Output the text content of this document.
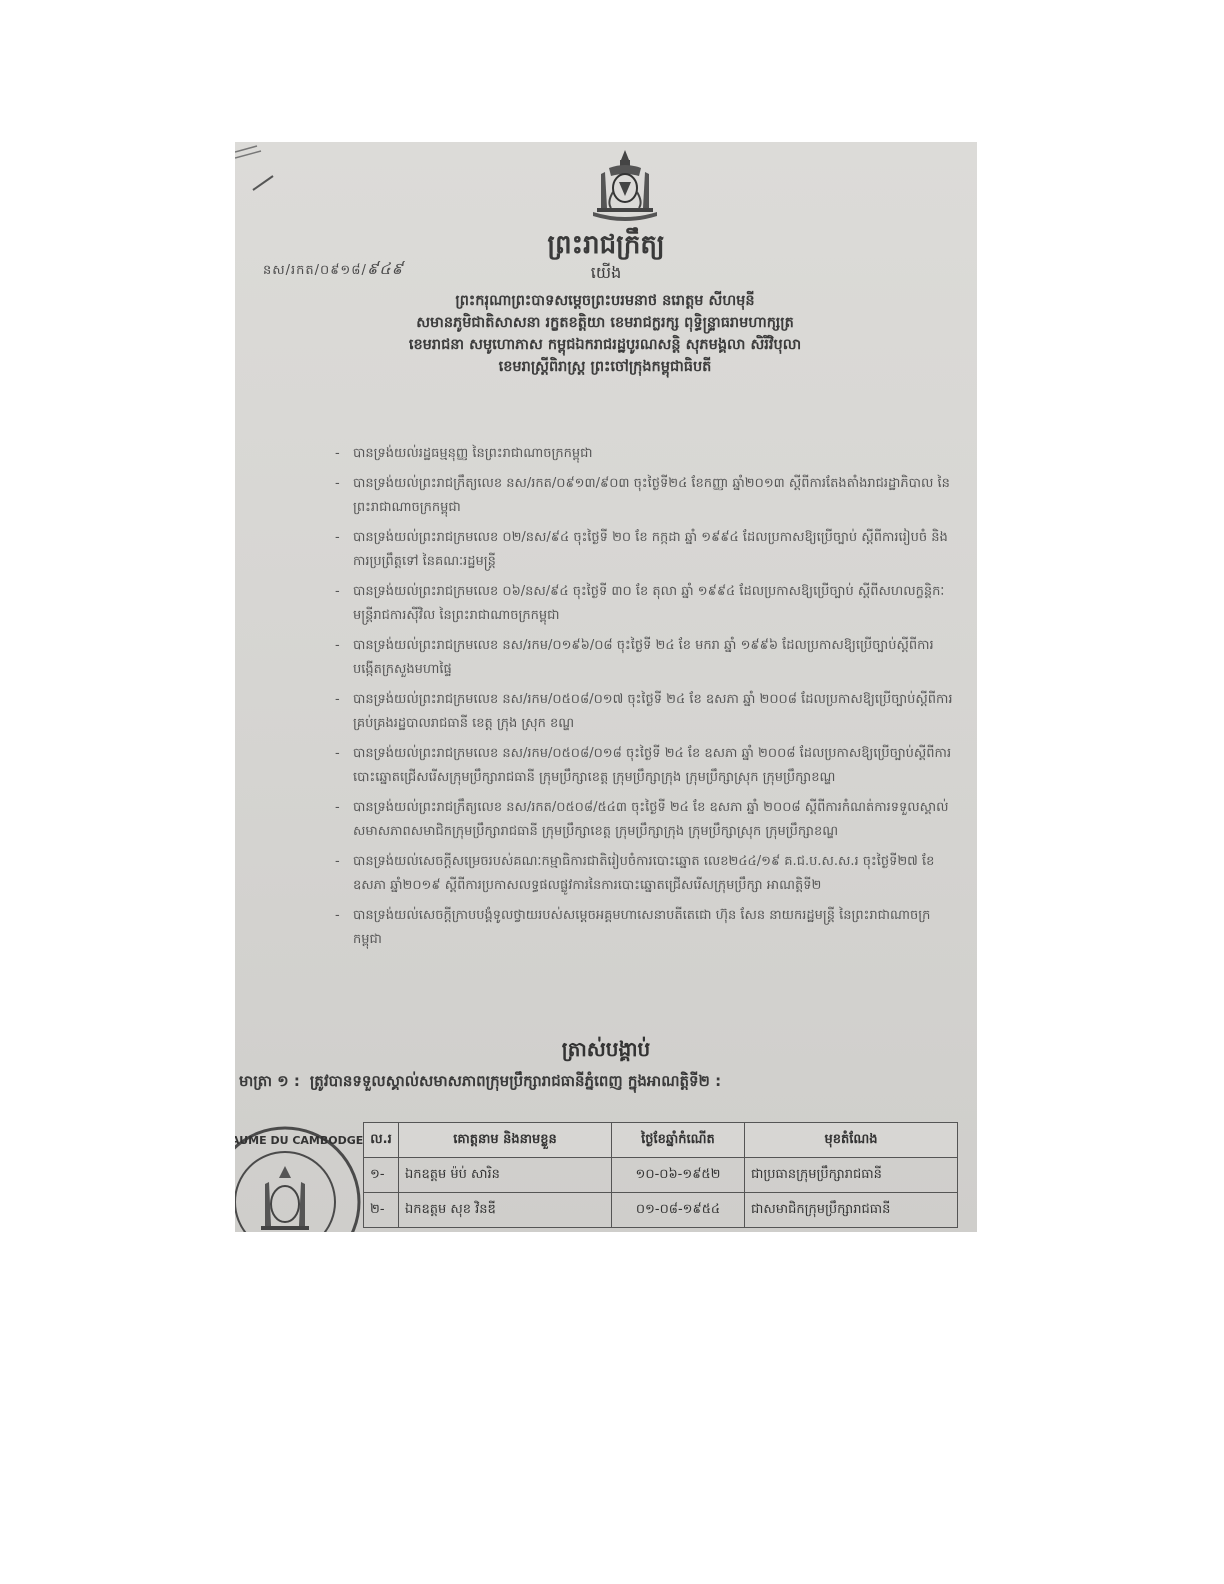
នស/រកត/០៩១៨/៩៤៩
ព្រះរាជក្រឹត្យ
យើង
ព្រះករុណាព្រះបាទសម្តេចព្រះបរមនាថ នរោត្តម សីហមុនី
សមានភូមិជាតិសាសនា រក្ខតខត្តិយា ខេមរាជក្លរក្ស ពុទ្ធិន្ទ្រាធរាមហាក្សត្រ
ខេមរាជនា សមូហោភាស កម្ពុជឯករាជរដ្ឋបូរណសន្តិ សុភមង្គលា សិរីវិបុលា
ខេមរាស្ត្រីពិរាស្ត្រ ព្រះចៅក្រុងកម្ពុជាធិបតី
- បានទ្រង់យល់រដ្ឋធម្មនុញ្ញ នៃព្រះរាជាណាចក្រកម្ពុជា
- បានទ្រង់យល់ព្រះរាជក្រឹត្យលេខ នស/រកត/០៩១៣/៩០៣ ចុះថ្ងៃទី២៤ ខែកញ្ញា ឆ្នាំ២០១៣ ស្តីពីការតែងតាំងរាជរដ្ឋាភិបាល នៃព្រះរាជាណាចក្រកម្ពុជា
- បានទ្រង់យល់ព្រះរាជក្រមលេខ ០២/នស/៩៤ ចុះថ្ងៃទី ២០ ខែ កក្កដា ឆ្នាំ ១៩៩៤ ដែលប្រកាសឱ្យប្រើច្បាប់ ស្តីពីការរៀបចំ និងការប្រព្រឹត្តទៅ នៃគណៈរដ្ឋមន្ត្រី
- បានទ្រង់យល់ព្រះរាជក្រមលេខ ០៦/នស/៩៤ ចុះថ្ងៃទី ៣០ ខែ តុលា ឆ្នាំ ១៩៩៤ ដែលប្រកាសឱ្យប្រើច្បាប់ ស្តីពីសហលក្ខន្តិកៈមន្ត្រីរាជការស៊ីវិល នៃព្រះរាជាណាចក្រកម្ពុជា
- បានទ្រង់យល់ព្រះរាជក្រមលេខ នស/រកម/០១៩៦/០៨ ចុះថ្ងៃទី ២៤ ខែ មករា ឆ្នាំ ១៩៩៦ ដែលប្រកាសឱ្យប្រើច្បាប់ស្តីពីការបង្កើតក្រសួងមហាផ្ទៃ
- បានទ្រង់យល់ព្រះរាជក្រមលេខ នស/រកម/០៥០៨/០១៧ ចុះថ្ងៃទី ២៤ ខែ ឧសភា ឆ្នាំ ២០០៨ ដែលប្រកាសឱ្យប្រើច្បាប់ស្តីពីការគ្រប់គ្រងរដ្ឋបាលរាជធានី ខេត្ត ក្រុង ស្រុក ខណ្ឌ
- បានទ្រង់យល់ព្រះរាជក្រមលេខ នស/រកម/០៥០៨/០១៨ ចុះថ្ងៃទី ២៤ ខែ ឧសភា ឆ្នាំ ២០០៨ ដែលប្រកាសឱ្យប្រើច្បាប់ស្តីពីការបោះឆ្នោតជ្រើសរើសក្រុមប្រឹក្សារាជធានី ក្រុមប្រឹក្សាខេត្ត ក្រុមប្រឹក្សាក្រុង ក្រុមប្រឹក្សាស្រុក ក្រុមប្រឹក្សាខណ្ឌ
- បានទ្រង់យល់ព្រះរាជក្រឹត្យលេខ នស/រកត/០៥០៨/៥៤៣ ចុះថ្ងៃទី ២៤ ខែ ឧសភា ឆ្នាំ ២០០៨ ស្តីពីការកំណត់ការទទួលស្គាល់សមាសភាពសមាជិកក្រុមប្រឹក្សារាជធានី ក្រុមប្រឹក្សាខេត្ត ក្រុមប្រឹក្សាក្រុង ក្រុមប្រឹក្សាស្រុក ក្រុមប្រឹក្សាខណ្ឌ
- បានទ្រង់យល់សេចក្តីសម្រេចរបស់គណៈកម្មាធិការជាតិរៀបចំការបោះឆ្នោត លេខ២៤៤/១៩ គ.ជ.ប.ស.ស.រ ចុះថ្ងៃទី២៧ ខែឧសភា ឆ្នាំ២០១៩ ស្តីពីការប្រកាសលទ្ធផលផ្លូវការនៃការបោះឆ្នោតជ្រើសរើសក្រុមប្រឹក្សា អាណត្តិទី២
- បានទ្រង់យល់សេចក្តីក្រាបបង្គំទូលថ្វាយរបស់សម្តេចអគ្គមហាសេនាបតីតេជោ ហ៊ុន សែន នាយករដ្ឋមន្ត្រី នៃព្រះរាជាណាចក្រកម្ពុជា
ត្រាស់បង្គាប់
មាត្រា ១ : ត្រូវបានទទួលស្គាល់សមាសភាពក្រុមប្រឹក្សារាជធានីភ្នំពេញ ក្នុងអាណត្តិទី២ :
ROYAUME DU CAMBODGE ល.រ	គោត្តនាម និងនាមខ្លួន	ថ្ងៃខែឆ្នាំកំណើត	មុខតំណែង
១-	ឯកឧត្តម ម៉ប់ សារិន	១០-០៦-១៩៥២	ជាប្រធានក្រុមប្រឹក្សារាជធានី
២-	ឯកឧត្តម សុខ វិនឌី	០១-០៨-១៩៥៤	ជាសមាជិកក្រុមប្រឹក្សារាជធានី
